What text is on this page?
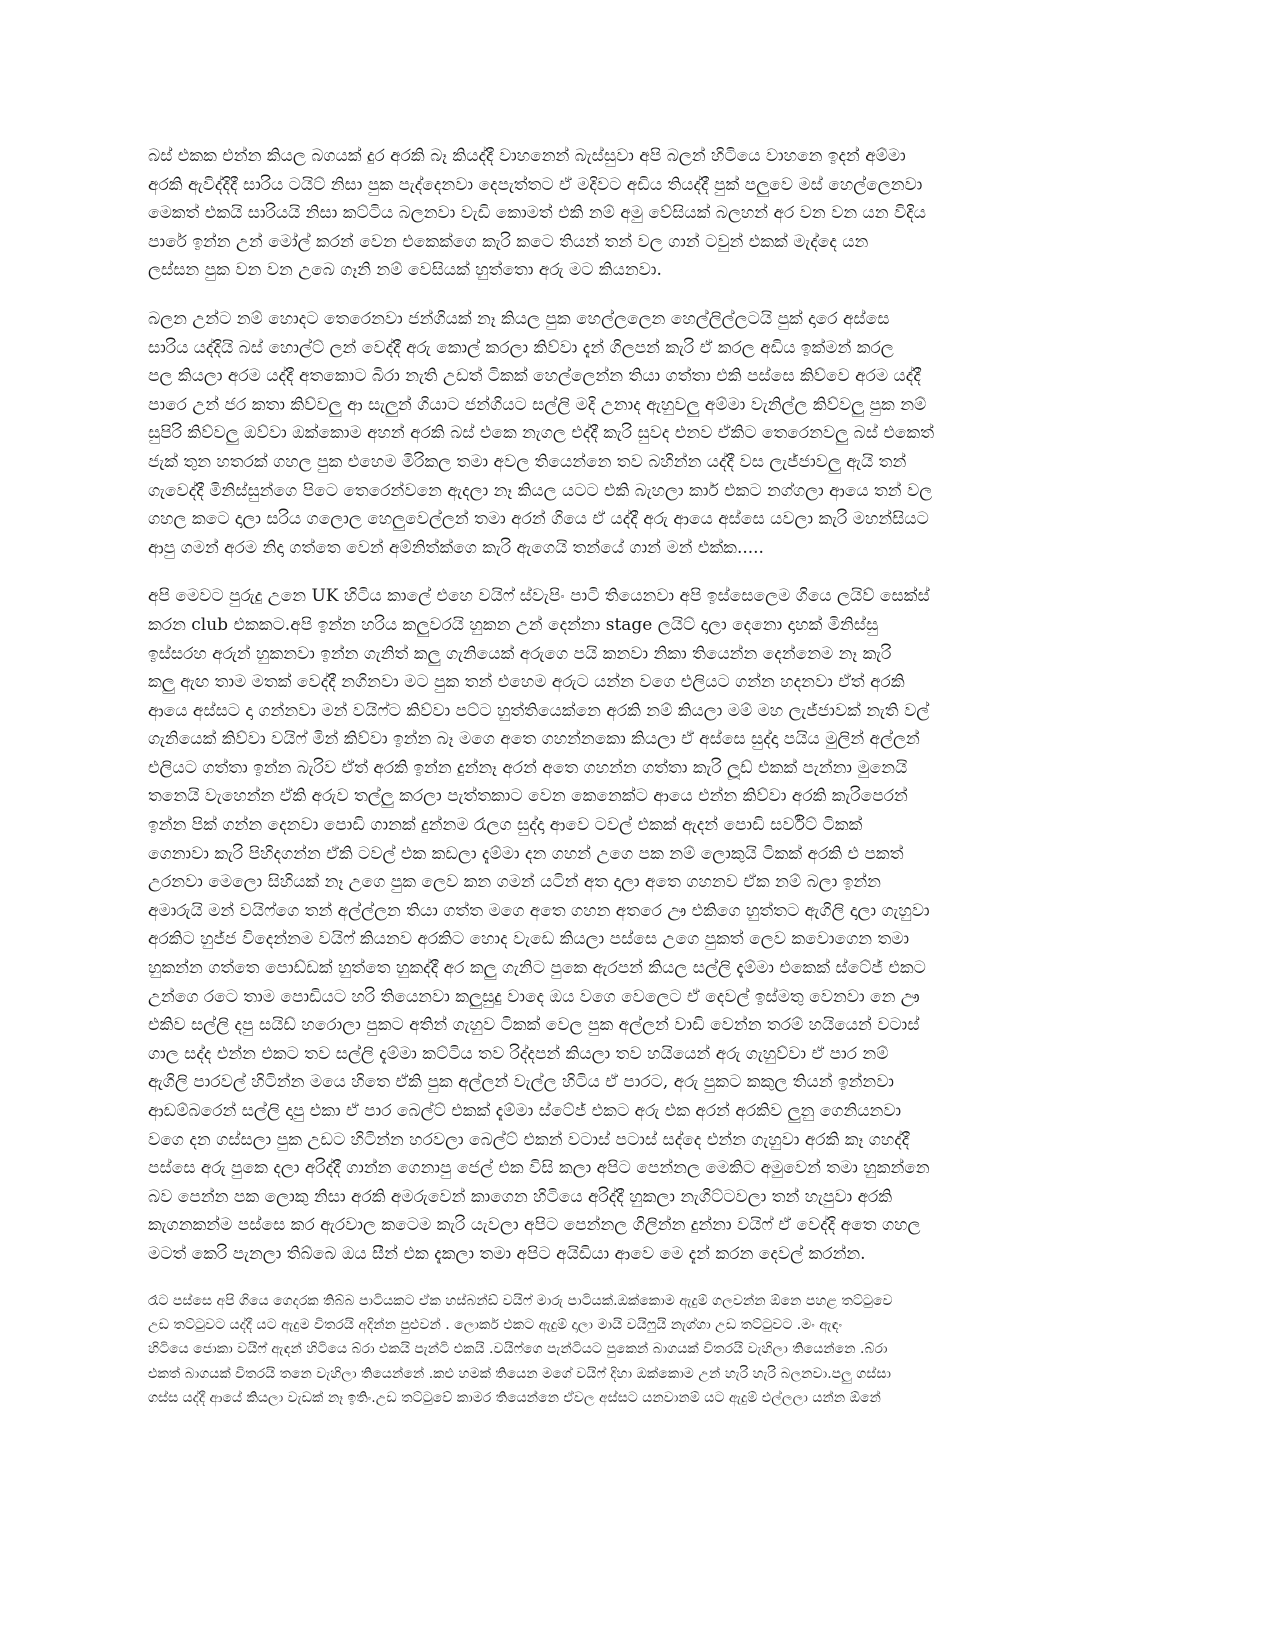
බස් එකක එන්න කියල බගයක් දුර අරකි බෑ කියද්දී වාහනෙන් බැස්සුවා අපි බලන් හිටියෙ වාහනෙ ඉදන් අම්මා
අරකි ඇවිද්දිදී සාරිය ටයිට් නිසා පුක පැද්දෙනවා දෙපැත්තට ඒ මදිවට අඩිය තියද්දී පුක් පලුවෙ මස් හෙල්ලෙනවා
මෙකත් එකයි සාරියයි නිසා කට්ටිය බලනවා වැඩි කොමත් එකි නම් අමු වේසියක් බලහන් අර වන වන යන විදිය
පාරේ ඉන්න උන් මෝල් කරන් වෙන එකෙක්ගෙ කැරි කටෙ තියන් තන් වල ගාන් ටවුන් එකක් මැද්දෙ යන
ලස්සන පුක වන වන උබෙ ගෑනි නම් වෙසියක් හුත්තො අරු මට කියනවා.
බලන උන්ට නම් හොදට තෙරෙනවා ජන්ගියක් නෑ කියල පුක හෙල්ලලෙන හෙල්ලිල්ලටයි පුක් දාරෙ අස්සෙ
සාරිය යද්දියි බස් හොල්ට් ලන් වෙද්දී අරු කොල් කරලා කිව්වා දැන් ගිලපන් කැරි ඒ කරල අඩිය ඉක්මන් කරල
පල කියලා අරම යද්දී අතකොට බිරා නැති උඩත් ටිකක් හෙල්ලෙන්න තියා ගත්තා එකි පස්සෙ කිව්වෙ අරම යද්දී
පාරෙ උන් ජර කතා කිව්වලු ආ සැලුන් ගියාට ජන්ගියට සල්ලි මදි උනාද ඇහුවලු අම්මා වැනිල්ල කිව්වලු පුක නම්
සුපිරි කිව්වලු ඔව්වා ඔක්කොම අහන් අරකි බස් එකෙ නැගල එද්දී කැරි සුවද එනව ඒකිට තෙරෙනවලු බස් එකෙත්
ජැක් තුන හතරක් ගහල පුක එහෙම මිරිකල තමා අවල තියෙන්නෙ තව බහින්න යද්දී වස ලැජ්ජාවලු ඇයි තන්
ගැවෙද්දී මිනිස්සුන්ගෙ පිටෙ තෙරෙන්වනෙ ඇදලා නෑ කියල යටට එකි බැහලා කාර් එකට නග්ගලා ආයෙ තන් වල
ගහල කටෙ දාලා සරිය ගලොල හෙලුවෙල්ලන් තමා අරන් ගියෙ ඒ යද්දී අරු ආයෙ අස්සෙ යවලා කැරි මහන්සියට
ආපු ගමන් අරම නිදා ගත්තෙ වෙන් අම්නිත්ක්ගෙ කැරි ඇගෙයි තන්යේ ගාන් මන් එක්ක.....
අපි මෙවට පුරුදු උනෙ UK හිටිය කාලේ එහෙ වයිෆ් ස්වැපිං පාටි තියෙනවා අපි ඉස්සෙලෙම ගියෙ ලයිව් සෙක්ස්
කරන club එකකට.අපි ඉන්න හරිය කලුවරයි හුකන උන් දෙන්නා stage ලයිට් දාලා දෙනො දාහක් මිනිස්සු
ඉස්සරහ අරුන් හුකනවා ඉන්න ගැනිත් කලු ගැනියෙක් අරුගෙ පයි කනවා නිකා තියෙන්න දෙන්නෙම නෑ කැරි
කලු ඇඟ තාම මතක් වෙද්දී නගිනවා මට පුක තන් එහෙම අරුට යන්න වගෙ එලියට ගන්න හදනවා ඒත් අරකි
ආයෙ අස්සට දා ගන්නවා මන් වයිෆ්ට කිව්වා පට්ට හුත්තියෙක්නෙ අරකි නම් කියලා මම් මහ ලැජ්ජාවක් නැති වල්
ගැනියෙක් කිව්වා වයිෆ් මින් කිව්වා ඉන්න බෑ මගෙ අතෙ ගහන්නකො කියලා ඒ අස්සෙ සුද්දා පයිය මුලින් අල්ලන්
එලියට ගත්තා ඉන්න බැරිව ඒත් අරකි ඉන්න දුන්නෑ අරන් අතෙ ගහන්න ගත්තා කැරි ලූඩ් එකක් පැන්නා මුනෙයි
තනෙයි වැහෙන්න ඒකි අරුව තල්ලු කරලා පැත්තකාට වෙන කෙනෙක්ට ආයෙ එන්න කිව්වා අරකි කැරිපෙරන්
ඉන්න පික් ගන්න දෙනවා පොඩි ගානක් දුන්නම රෑලග සුද්දා ආවෙ ටවල් එකක් ඇදන් පොඩි සර්විට් ටිකක්
ගෙනාවා කැරි පිහිදගන්න ඒකි ටවල් එක කඩලා දැම්මා දන ගහන් උගෙ පක නම් ලොකුයි ටිකක් අරකි එ පකත්
උරනවා මෙලො සිහියක් නෑ උගෙ පුක ලෙව කන ගමන් යටින් අත දාලා අතෙ ගහනව ඒක නම් බලා ඉන්න
අමාරුයි මන් වයිෆ්ගෙ තන් අල්ල්ලන තියා ගත්ත මගෙ අතෙ ගහන අතරෙ ඌ එකිගෙ හුත්තට ඇගිලි දාලා ගැහුවා
අරකිට හුජ්ජ විදෙන්නම වයිෆ් කියනව අරකිට හොද වැඩෙ කියලා පස්සෙ උගෙ පුකත් ලෙව කවොගෙන තමා
හුකන්න ගත්තෙ පොඩ්ඩක් හුත්තෙ හුකද්දී අර කලු ගැනිට පුකෙ ඇරපන් කියල සල්ලි දැම්මා එකෙක් ස්ටේජ් එකට
උන්ගෙ රටෙ තාම පොඩියට හරි තියෙනවා කලුසුදු වාදෙ ඔය වගෙ වෙලෙට ඒ දෙවල් ඉස්මතු වෙනවා නෙ ඌ
එකිව සල්ලි දපු සයිඩ් හරොලා පුකට අතින් ගැහුව ටිකක් වෙල පුක අල්ලන් වාඩි වෙන්න තරම් හයියෙන් වටාස්
ගාල සද්ද එන්න එකට තව සල්ලි දැම්මා කට්ටිය තව රිද්දපන් කියලා තව හයියෙන් අරු ගැහුව්වා ඒ පාර නම්
ඇගිලි පාරවල් හිටින්න මයෙ හිතෙ ඒකි පුක අල්ලන් වැල්ල හිටිය ඒ පාරට, අරු පුකට කකුල තියන් ඉන්නවා
ආඩම්බරෙන් සල්ලි දාපු එකා ඒ පාර බෙල්ට් එකක් දැම්මා ස්ටේජ් එකට අරු එක අරන් අරකිව ලුනු ගෙනියනවා
වගෙ දන ගස්සලා පුක උඩට හිටින්න හරවලා බෙල්ට් එකන් වටාස් පටාස් සද්දෙ එන්න ගැහුවා අරකි කෑ ගහද්දී
පස්සෙ අරු පුකෙ දලා අරිද්දී ගාන්න ගෙනාපු ජෙල් එක විසි කලා අපිට පෙන්නල මෙකිට අමුවෙන් තමා හුකන්නෙ
බව පෙන්න පක ලොකු නිසා අරකි අමරුවෙන් කාගෙන හිටියෙ අරිද්දී හුකලා නැගිට්ටවලා තන් හැපුවා අරකි
කැගනකන්ම පස්සෙ කර ඇරවාල කටෙම කැරි යැවලා අපිට පෙන්නල ගිලින්න දුන්නා වයිෆ් ඒ වෙද්දි අතෙ ගහල
මටත් කෙරි පැනලා තිබ්බෙ ඔය සීන් එක දැකලා තමා අපිට අයිඩියා ආවෙ මෙ දැන් කරන දෙවල් කරන්න.
රෑට පස්සෙ අපි ගියෙ ගෙදරක තිබ්බ පාටියකට ඒක හස්බන්ඩ් වයිෆ් මාරු පාටියක්.ඔක්කොම ඇදුම් ගලවන්න ඕනෙ පහළ තට්ටුවෙ
උඩ තට්ටුවට යද්දී යට ඇදුම විතරයි අදින්න පුළුවන් . ලොකර් එකට ඇදුම් දාලා මායි වයිෆුයි නැග්ගා උඩ තට්ටුවට .මං ඇඳං
හිටියෙ ජොකා වයිෆ් ඇඳන් හිටියෙ බ්රා එකයි පැන්ටි එකයි .වයිෆ්ගෙ පැන්ටියට පුකෙන් බාගයක් විතරයි වැහිලා තියෙන්නෙ .බ්රා
එකත් බාගයක් විතරයි තනෙ වැහිලා තියෙන්නේ .කළු හමක් තියෙන මගේ වයිෆ් දිහා ඔක්කොම උන් හැරි හැරි බලනවා.පලු ගස්සා
ගස්ස යද්දී ආයේ කියලා වැඩක් නෑ ඉතිං.උඩ තට්ටුවේ කාමර තියෙන්නෙ ඒවල අස්සට යනවානම් යට ඇදුම් එල්ලලා යන්න ඕනේ
